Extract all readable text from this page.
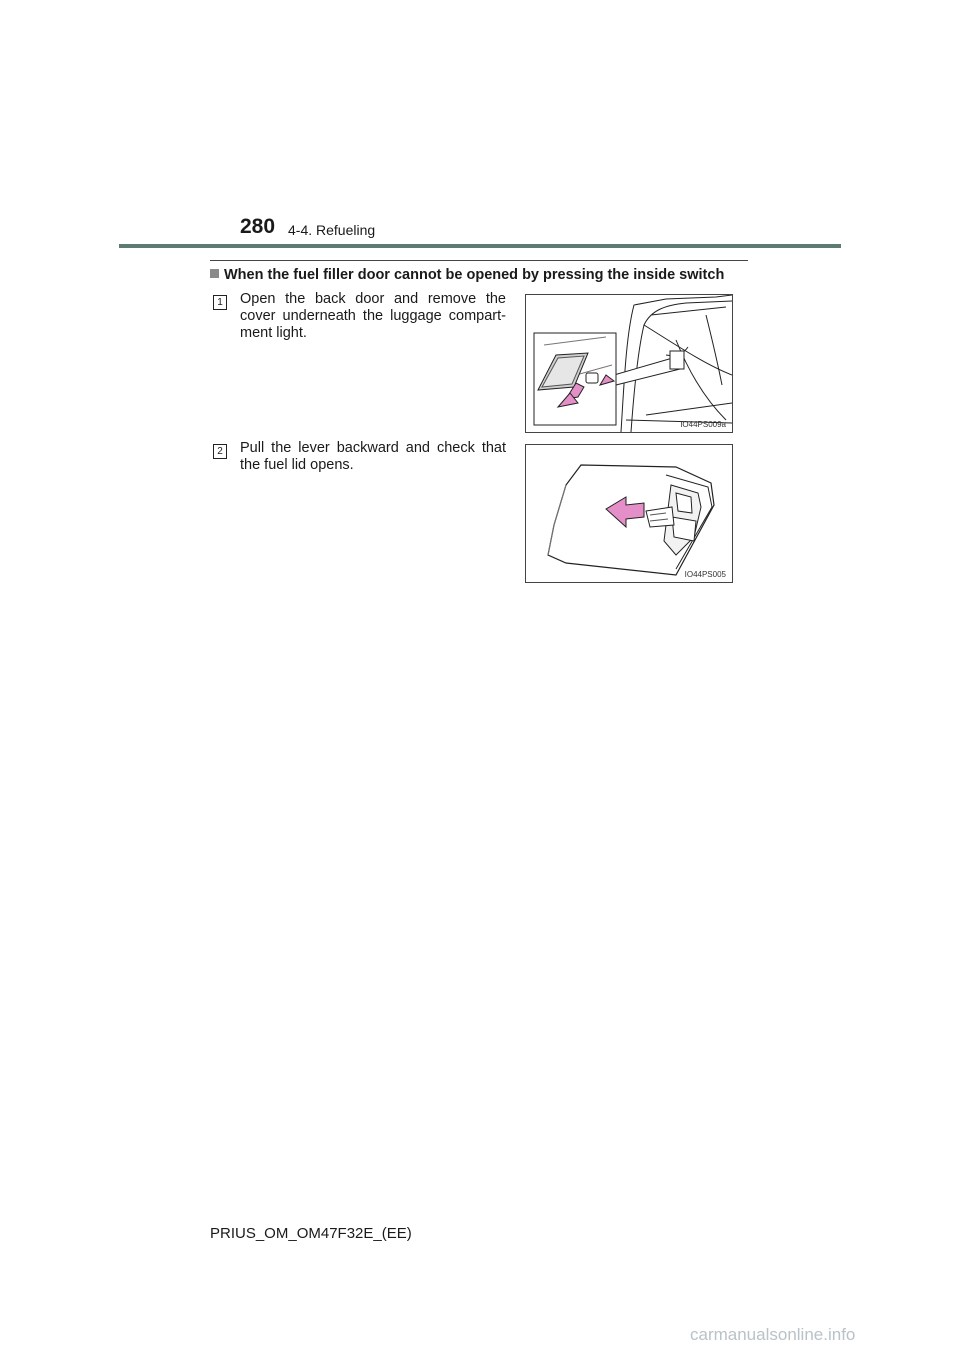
280 4-4. Refueling
When the fuel filler door cannot be opened by pressing the inside switch
1 Open the back door and remove the cover underneath the luggage compart-ment light.
IO44PS009a
2 Pull the lever backward and check that the fuel lid opens.
IO44PS005
PRIUS_OM_OM47F32E_(EE)
carmanualsonline.info
